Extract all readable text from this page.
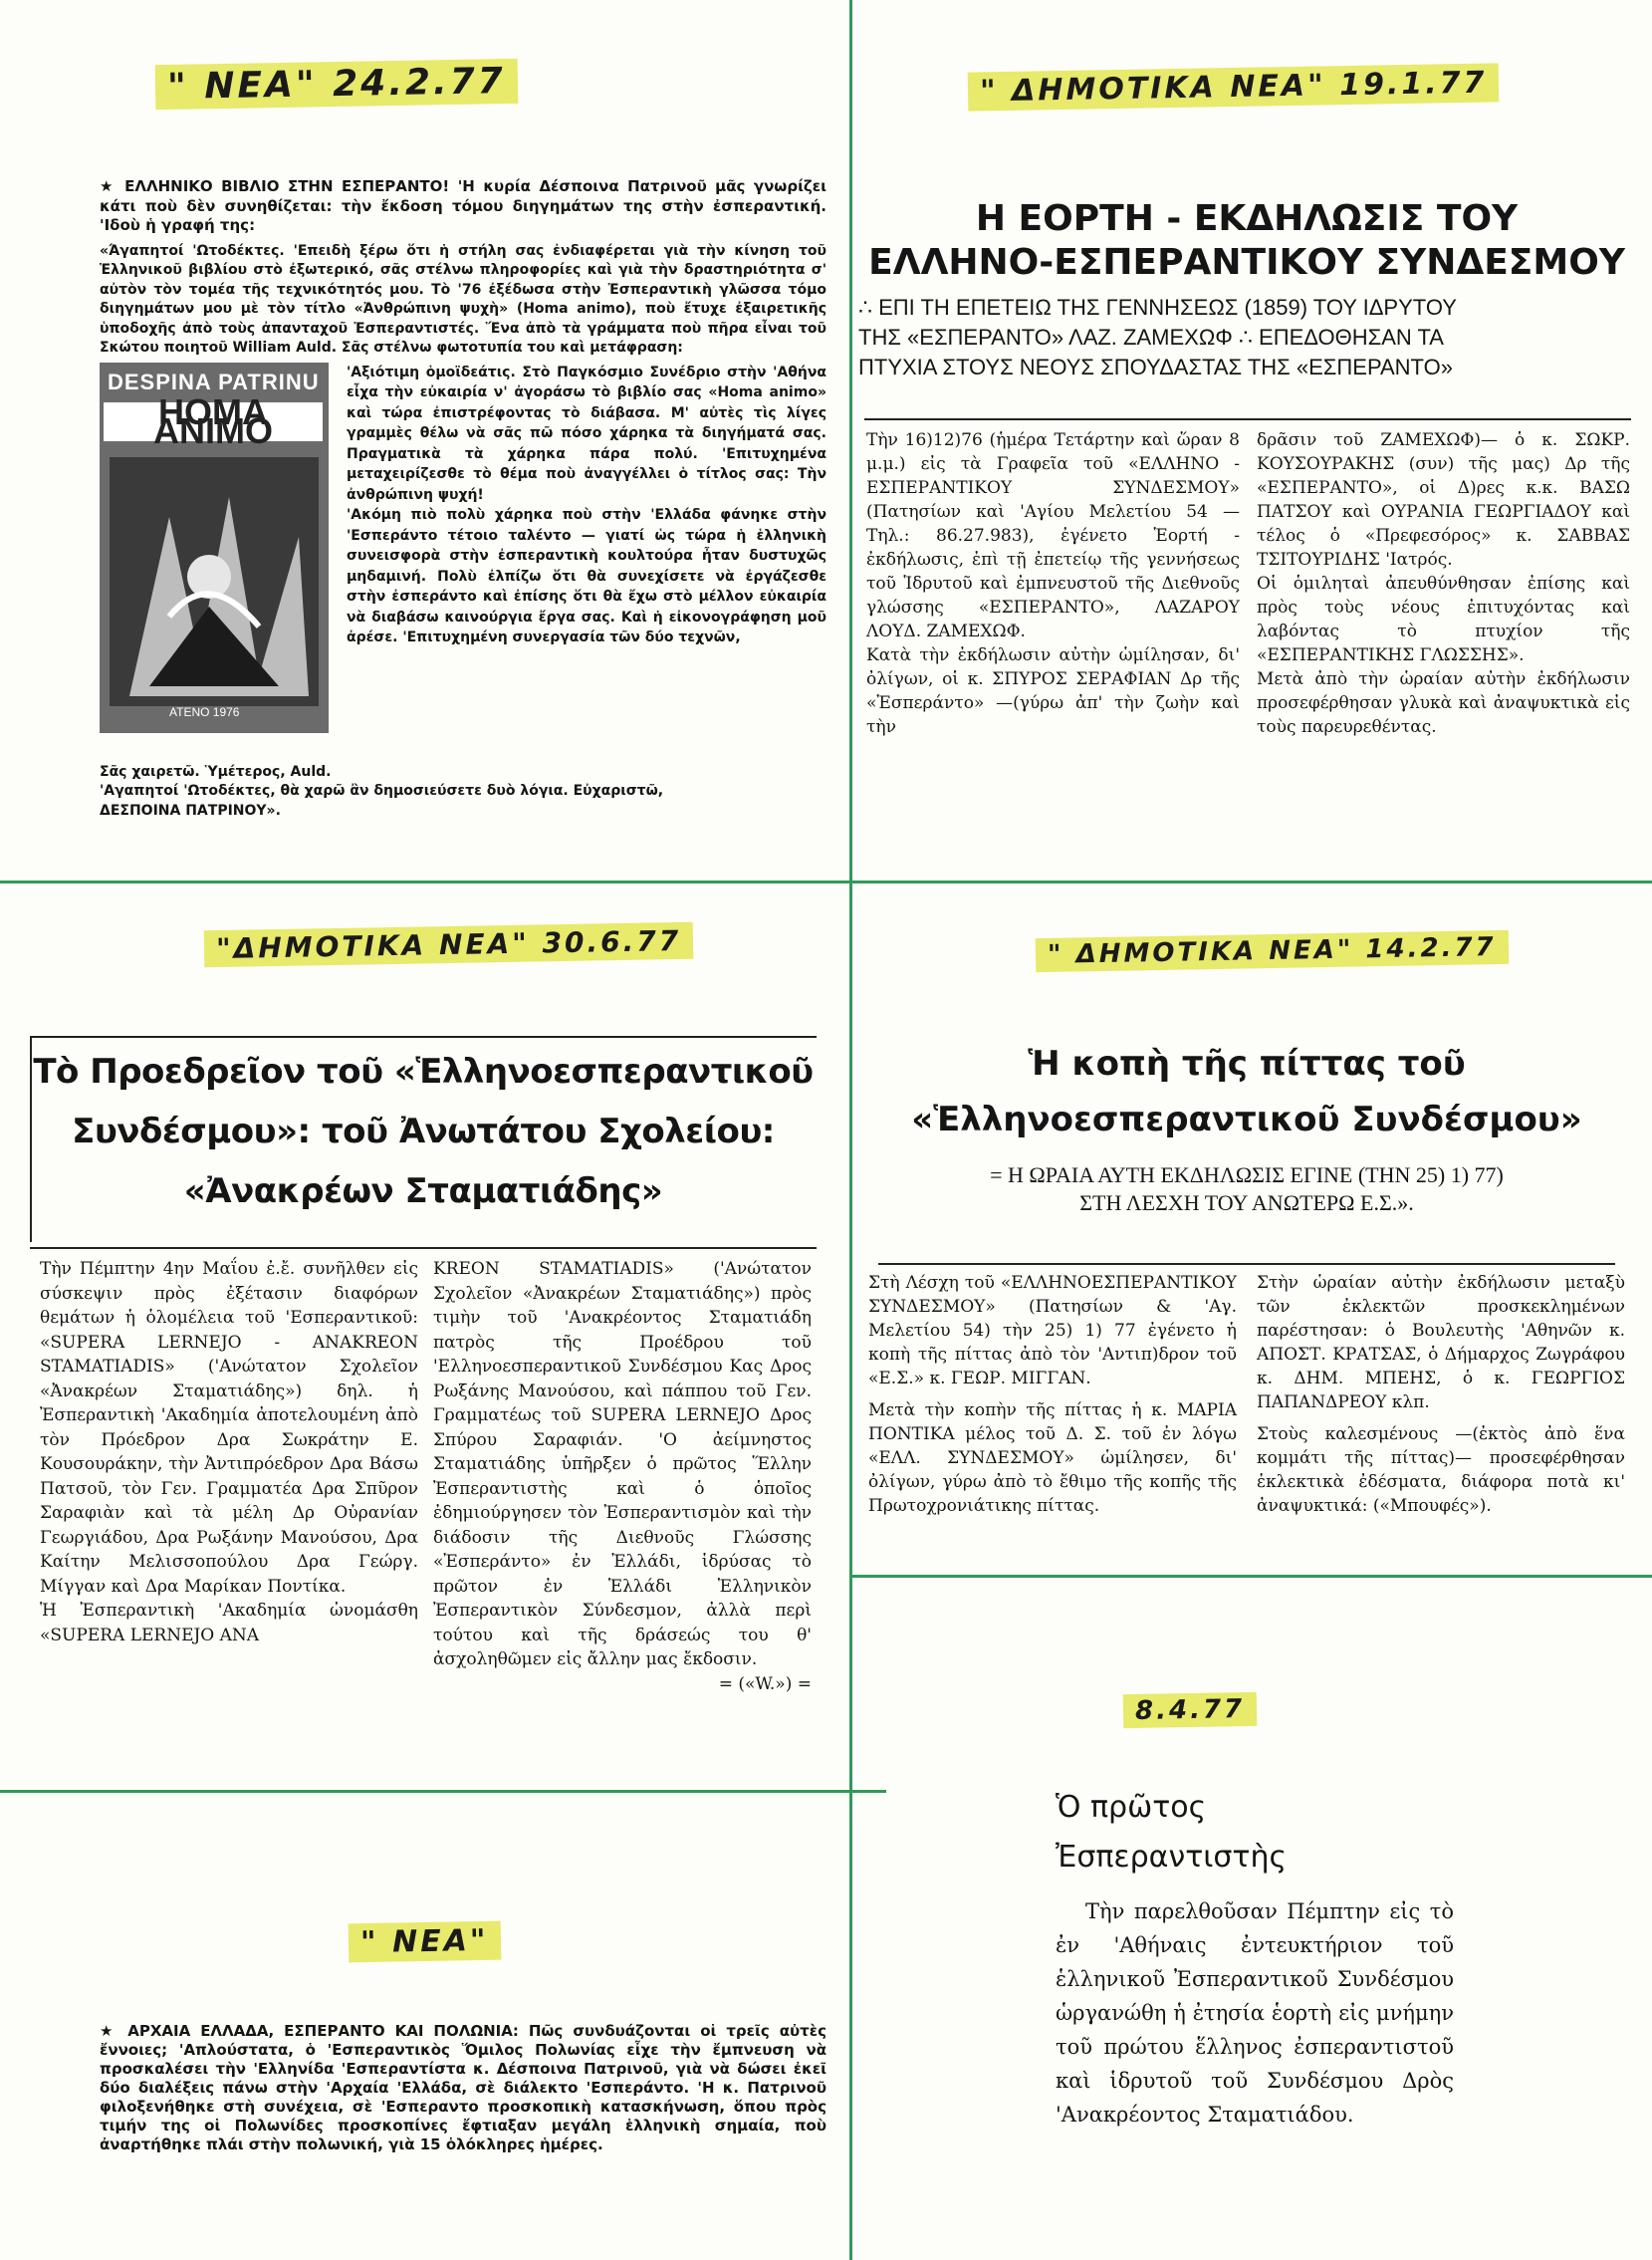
" ΝΕΑ" 24.2.77

★ ΕΛΛΗΝΙΚΟ ΒΙΒΛΙΟ ΣΤΗΝ ΕΣΠΕΡΑΝΤΟ! 'Η κυρία Δέσποινα Πατρινοῦ μᾶς γνωρίζει κάτι ποὺ δὲν συνηθίζεται: τὴν ἔκδοση τόμου διηγημάτων της στὴν ἐσπεραντική. 'Ιδοὺ ἡ γραφή της:

«Άγαπητοί 'Ωτοδέκτες. 'Επειδὴ ξέρω ὅτι ἡ στήλη σας ἐνδιαφέρεται γιὰ τὴν κίνηση τοῦ Ἑλληνικοῦ βιβλίου στὸ ἐξωτερικό, σᾶς στέλνω πληροφορίες καὶ γιὰ τὴν δραστηριότητα σ' αὐτὸν τὸν τομέα τῆς τεχνικότητός μου. Τὸ '76 ἐξέδωσα στὴν Ἐσπεραντικὴ γλῶσσα τόμο διηγημάτων μου μὲ τὸν τίτλο «Ἀνθρώπινη ψυχὴ» (Homa animo), ποὺ ἔτυχε ἐξαιρετικῆς ὑποδοχῆς ἀπὸ τοὺς ἀπανταχοῦ Ἐσπεραντιστές. Ἕνα ἀπὸ τὰ γράμματα ποὺ πῆρα εἶναι τοῦ Σκώτου ποιητοῦ William Auld. Σᾶς στέλνω φωτοτυπία του καὶ μετάφραση:

DESPINA PATRINU
HOMA ANIMO
ATENO 1976

'Αξιότιμη ὁμοϊδεάτις. Στὸ Παγκόσμιο Συνέδριο στὴν 'Αθήνα εἶχα τὴν εὐκαιρία ν' ἀγοράσω τὸ βιβλίο σας «Homa animo» καὶ τώρα ἐπιστρέφοντας τὸ διάβασα. Μ' αὐτὲς τὶς λίγες γραμμὲς θέλω νὰ σᾶς πῶ πόσο χάρηκα τὰ διηγήματά σας. Πραγματικὰ τὰ χάρηκα πάρα πολύ. 'Επιτυχημένα μεταχειρίζεσθε τὸ θέμα ποὺ ἀναγγέλλει ὁ τίτλος σας: Τὴν ἀνθρώπινη ψυχή!

'Ακόμη πιὸ πολὺ χάρηκα ποὺ στὴν 'Ελλάδα φάνηκε στὴν 'Εσπεράντο τέτοιο ταλέντο — γιατί ὡς τώρα ἡ ἑλληνικὴ συνεισφορὰ στὴν ἐσπεραντικὴ κουλτούρα ἦταν δυστυχῶς μηδαμινή. Πολὺ ἐλπίζω ὅτι θὰ συνεχίσετε νὰ ἐργάζεσθε στὴν ἐσπεράντο καὶ ἐπίσης ὅτι θὰ ἔχω στὸ μέλλον εὐκαιρία νὰ διαβάσω καινούργια ἔργα σας. Καὶ ἡ εἰκονογράφηση μοῦ ἀρέσε. 'Επιτυχημένη συνεργασία τῶν δύο τεχνῶν,

Σᾶς χαιρετῶ. Ὑμέτερος, Auld.

'Αγαπητοί 'Ωτοδέκτες, θὰ χαρῶ ἂν δημοσιεύσετε δυὸ λόγια. Εὐχαριστῶ,

ΔΕΣΠΟΙΝΑ ΠΑΤΡΙΝΟΥ».

" ΔΗΜΟΤΙΚΑ ΝΕΑ" 19.1.77
Η ΕΟΡΤΗ - ΕΚΔΗΛΩΣΙΣ ΤΟΥ
ΕΛΛΗΝΟ-ΕΣΠΕΡΑΝΤΙΚΟΥ ΣΥΝΔΕΣΜΟΥ
∴ ΕΠΙ ΤΗ ΕΠΕΤΕΙΩ ΤΗΣ ΓΕΝΝΗΣΕΩΣ (1859) ΤΟΥ ΙΔΡΥΤΟΥ
ΤΗΣ «ΕΣΠΕΡΑΝΤΟ» ΛΑΖ. ΖΑΜΕΧΩΦ ∴ ΕΠΕΔΟΘΗΣΑΝ ΤΑ
ΠΤΥΧΙΑ ΣΤΟΥΣ ΝΕΟΥΣ ΣΠΟΥΔΑΣΤΑΣ ΤΗΣ «ΕΣΠΕΡΑΝΤΟ»

Τὴν 16)12)76 (ἡμέρα Τετάρτην καὶ ὥραν 8 μ.μ.) εἰς τὰ Γραφεῖα τοῦ «ΕΛΛΗΝΟ - ΕΣΠΕΡΑΝΤΙΚΟΥ ΣΥΝΔΕΣΜΟΥ» (Πατησίων καὶ 'Αγίου Μελετίου 54 — Τηλ.: 86.27.983), ἐγένετο Ἑορτή - ἐκδήλωσις, ἐπὶ τῇ ἐπετείῳ τῆς γεννήσεως τοῦ Ἱδρυτοῦ καὶ ἐμπνευστοῦ τῆς Διεθνοῦς γλώσσης «ΕΣΠΕΡΑΝΤΟ», ΛΑΖΑΡΟΥ ΛΟΥΔ. ΖΑΜΕΧΩΦ.

Κατὰ τὴν ἐκδήλωσιν αὐτὴν ὡμίλησαν, δι' ὀλίγων, οἱ κ. ΣΠΥΡΟΣ ΣΕΡΑΦΙΑΝ Δρ τῆς «Ἐσπεράντο» —(γύρω ἀπ' τὴν ζωὴν καὶ τὴν

δρᾶσιν τοῦ ΖΑΜΕΧΩΦ)— ὁ κ. ΣΩΚΡ. ΚΟΥΣΟΥΡΑΚΗΣ (συν) τῆς μας) Δρ τῆς «ΕΣΠΕΡΑΝΤΟ», οἱ Δ)ρες κ.κ. ΒΑΣΩ ΠΑΤΣΟΥ καὶ ΟΥΡΑΝΙΑ ΓΕΩΡΓΙΑΔΟΥ καὶ τέλος ὁ «Πρεφεσόρος» κ. ΣΑΒΒΑΣ ΤΣΙΤΟΥΡΙΔΗΣ 'Ιατρός.

Οἱ ὁμιληταὶ ἀπευθύνθησαν ἐπίσης καὶ πρὸς τοὺς νέους ἐπιτυχόντας καὶ λαβόντας τὸ πτυχίον τῆς «ΕΣΠΕΡΑΝΤΙΚΗΣ ΓΛΩΣΣΗΣ».

Μετὰ ἀπὸ τὴν ὡραίαν αὐτὴν ἐκδήλωσιν προσεφέρθησαν γλυκὰ καὶ ἀναψυκτικὰ εἰς τοὺς παρευρεθέντας.

"ΔΗΜΟΤΙΚΑ ΝΕΑ" 30.6.77
Τὸ Προεδρεῖον τοῦ «Ἑλληνοεσπεραντικοῦ
Συνδέσμου»: τοῦ Ἀνωτάτου Σχολείου:
«Ἀνακρέων Σταματιάδης»

Τὴν Πέμπτην 4ην Μαΐου ἐ.ἔ. συνῆλθεν εἰς σύσκεψιν πρὸς ἐξέτασιν διαφόρων θεμάτων ἡ ὁλομέλεια τοῦ 'Εσπεραντικοῦ: «SUPERA LERNEJO - ANAKREON STAMATIADIS» ('Ανώτατον Σχολεῖον «Ἀνακρέων Σταματιάδης») δηλ. ἡ Ἐσπεραντικὴ 'Ακαδημία ἀποτελουμένη ἀπὸ τὸν Πρόεδρον Δρα Σωκράτην Ε. Κουσουράκην, τὴν Ἀντιπρόεδρον Δρα Βάσω Πατσοῦ, τὸν Γεν. Γραμματέα Δρα Σπῦρον Σαραφιὰν καὶ τὰ μέλη Δρ Οὐρανίαν Γεωργιάδου, Δρα Ρωξάνην Μανούσου, Δρα Καίτην Μελισσοπούλου Δρα Γεώργ. Μίγγαν καὶ Δρα Μαρίκαν Ποντίκα.

Ἡ Ἐσπεραντικὴ 'Ακαδημία ὠνομάσθη «SUPERA LERNEJO ANA

KREON STAMATIADIS» ('Ανώτατον Σχολεῖον «Ἀνακρέων Σταματιάδης») πρὸς τιμὴν τοῦ 'Ανακρέοντος Σταματιάδη πατρὸς τῆς Προέδρου τοῦ 'Ελληνοεσπεραντικοῦ Συνδέσμου Κας Δρος Ρωξάνης Μανούσου, καὶ πάππου τοῦ Γεν. Γραμματέως τοῦ SUPERA LERNEJO Δρος Σπύρου Σαραφιάν. 'Ο ἀείμνηστος Σταματιάδης ὑπῆρξεν ὁ πρῶτος Ἕλλην Ἐσπεραντιστὴς καὶ ὁ ὁποῖος ἐδημιούργησεν τὸν Ἐσπεραντισμὸν καὶ τὴν διάδοσιν τῆς Διεθνοῦς Γλώσσης «Ἐσπεράντο» ἐν Ἑλλάδι, ἱδρύσας τὸ πρῶτον ἐν Ἑλλάδι Ἑλληνικὸν Ἐσπεραντικὸν Σύνδεσμον, ἀλλὰ περὶ τούτου καὶ τῆς δράσεώς του θ' ἀσχοληθῶμεν εἰς ἄλλην μας ἔκδοσιν.

= («W.») =

" ΔΗΜΟΤΙΚΑ ΝΕΑ" 14.2.77
Ἡ κοπὴ τῆς πίττας τοῦ
«Ἑλληνοεσπεραντικοῦ Συνδέσμου»
= Η ΩΡΑΙΑ ΑΥΤΗ ΕΚΔΗΛΩΣΙΣ ΕΓΙΝΕ (ΤΗΝ 25) 1) 77)
ΣΤΗ ΛΕΣΧΗ ΤΟΥ ΑΝΩΤΕΡΩ Ε.Σ.».

Στὴ Λέσχη τοῦ «ΕΛΛΗΝΟΕΣΠΕΡΑΝΤΙΚΟΥ ΣΥΝΔΕΣΜΟΥ» (Πατησίων & 'Αγ. Μελετίου 54) τὴν 25) 1) 77 ἐγένετο ἡ κοπὴ τῆς πίττας ἀπὸ τὸν 'Αντιπ)δρον τοῦ «Ε.Σ.» κ. ΓΕΩΡ. ΜΙΓΓΑΝ.

Μετὰ τὴν κοπὴν τῆς πίττας ἡ κ. ΜΑΡΙΑ ΠΟΝΤΙΚΑ μέλος τοῦ Δ. Σ. τοῦ ἐν λόγω «ΕΛΛ. ΣΥΝΔΕΣΜΟΥ» ὡμίλησεν, δι' ὀλίγων, γύρω ἀπὸ τὸ ἔθιμο τῆς κοπῆς τῆς Πρωτοχρονιάτικης πίττας.

Στὴν ὡραίαν αὐτὴν ἐκδήλωσιν μεταξὺ τῶν ἐκλεκτῶν προσκεκλημένων παρέστησαν: ὁ Βουλευτὴς 'Αθηνῶν κ. ΑΠΟΣΤ. ΚΡΑΤΣΑΣ, ὁ Δήμαρχος Ζωγράφου κ. ΔΗΜ. ΜΠΕΗΣ, ὁ κ. ΓΕΩΡΓΙΟΣ ΠΑΠΑΝΔΡΕΟΥ κλπ.

Στοὺς καλεσμένους —(ἐκτὸς ἀπὸ ἕνα κομμάτι τῆς πίττας)— προσεφέρθησαν ἐκλεκτικὰ ἐδέσματα, διάφορα ποτὰ κι' ἀναψυκτικά: («Μπουφές»).

" ΝΕΑ"

★ ΑΡΧΑΙΑ ΕΛΛΑΔΑ, ΕΣΠΕΡΑΝΤΟ ΚΑΙ ΠΟΛΩΝΙΑ: Πῶς συνδυάζονται οἱ τρεῖς αὐτὲς ἔννοιες; 'Απλούστατα, ὁ 'Εσπεραντικὸς Ὅμιλος Πολωνίας εἶχε τὴν ἔμπνευση νὰ προσκαλέσει τὴν 'Ελληνίδα 'Εσπεραντίστα κ. Δέσποινα Πατρινοῦ, γιὰ νὰ δώσει ἐκεῖ δύο διαλέξεις πάνω στὴν 'Αρχαία 'Ελλάδα, σὲ διάλεκτο 'Εσπεράντο. 'Η κ. Πατρινοῦ φιλοξενήθηκε στὴ συνέχεια, σὲ 'Εσπεραντο προσκοπικὴ κατασκήνωση, ὅπου πρὸς τιμήν της οἱ Πολωνίδες προσκοπίνες ἔφτιαξαν μεγάλη ἑλληνικὴ σημαία, ποὺ ἀναρτήθηκε πλάι στὴν πολωνική, γιὰ 15 ὁλόκληρες ἡμέρες.

8.4.77
Ὁ πρῶτος
Ἐσπεραντιστὴς

Τὴν παρελθοῦσαν Πέμπτην εἰς τὸ ἐν 'Αθήναις ἐντευκτήριον τοῦ ἑλληνικοῦ Ἐσπεραντικοῦ Συνδέσμου ὡργανώθη ἡ ἐτησία ἑορτὴ εἰς μνήμην τοῦ πρώτου ἕλληνος ἐσπεραντιστοῦ καὶ ἱδρυτοῦ τοῦ Συνδέσμου Δρὸς 'Ανακρέοντος Σταματιάδου.
